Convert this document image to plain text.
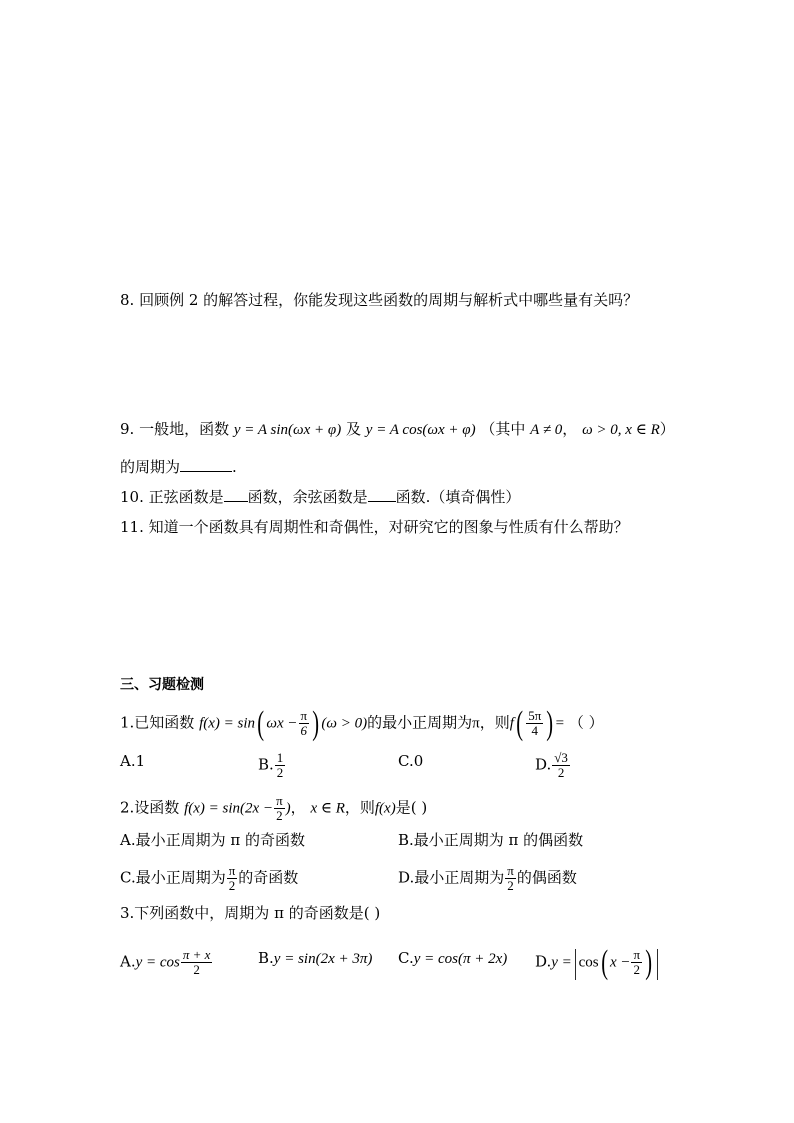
8. 回顾例 2 的解答过程，你能发现这些函数的周期与解析式中哪些量有关吗？
9. 一般地，函数 y = A sin(ωx + φ) 及 y = A cos(ωx + φ) （其中 A ≠ 0， ω > 0, x ∈ R）
的周期为	.
10. 正弦函数是 函数，余弦函数是 函数.（填奇偶性）
11. 知道一个函数具有周期性和奇偶性，对研究它的图象与性质有什么帮助？
三、习题检测
1.已知函数 f(x) = sin( $\omega x - \frac{\pi}{6}$ ) (ω > 0)的最小正周期为π，则$f( \frac{5\pi}{4}$ ) = （ ）
A.1	B. $\frac{1}{2}$	C.0	D. $\frac{√3}{2}$
2.设函数 $f(x) = \sin(2x - \frac{\pi}{2}$ )， x ∈ R，则f(x)是( )
A.最小正周期为 π 的奇函数	B.最小正周期为 π 的偶函数
C.最小正周期为 $\frac{\pi}{2}$ 的奇函数	D.最小正周期为 $\frac{\pi}{2}$ 的偶函数
3.下列函数中，周期为 π 的奇函数是( )
$A.y = \cos \frac{\pi + x}{2}$	B.y = sin(2x + 3π) C.y = cos(π + 2x) D.y =| cos( $x - \frac{\pi}{2}$ ) |
